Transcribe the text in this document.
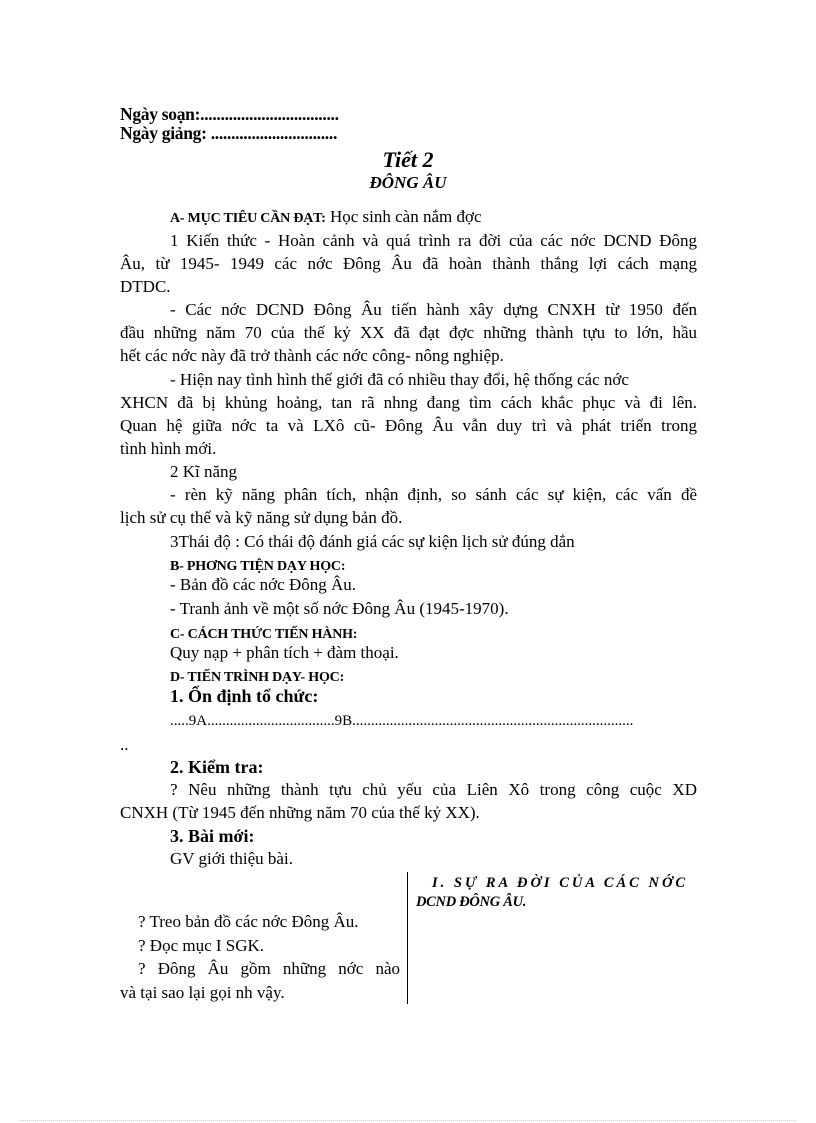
Ngày soạn:..................................
Ngày giảng: ...............................
Tiết 2
ĐÔNG ÂU
A- MỤC TIÊU CẦN ĐẠT: Học sinh càn nắm đợc
1 Kiến thức - Hoàn cảnh và quá trình ra đời của các nớc DCND Đông
Âu, từ 1945- 1949 các nớc Đông Âu đã hoàn thành thắng lợi cách mạng
DTDC.
- Các nớc DCND Đông Âu tiến hành xây dựng CNXH từ 1950 đến
đầu những năm 70 của thế kỷ XX đã đạt đợc những thành tựu to lớn, hầu
hết các nớc này đã trở thành các nớc công- nông nghiệp.
- Hiện nay tình hình thế giới đã có nhiều thay đổi, hệ thống các nớc
XHCN đã bị khủng hoảng, tan rã nhng đang tìm cách khắc phục và đi lên.
Quan hệ giữa nớc ta và LXô cũ- Đông Âu vẫn duy trì và phát triển trong
tình hình mới.
2 Kĩ năng
- rèn kỹ năng phân tích, nhận định, so sánh các sự kiện, các vấn đề
lịch sử cụ thể và kỹ năng sử dụng bản đồ.
3Thái độ : Có thái độ đánh giá các sự kiện lịch sử đúng dắn
B- PHƠNG TIỆN DẠY HỌC:
- Bản đồ các nớc Đông Âu.
- Tranh ảnh về một số nớc Đông Âu (1945-1970).
C- CÁCH THỨC TIẾN HÀNH:
Quy nạp + phân tích + đàm thoại.
D- TIẾN TRÌNH DẠY- HỌC:
1. Ổn định tổ chức:
.....9A..................................9B...........................................................................
..
2. Kiểm tra:
? Nêu những thành tựu chủ yếu của Liên Xô trong công cuộc XD
CNXH (Từ 1945 đến những năm 70 của thế kỷ XX).
3. Bài mới:
GV giới thiệu bài.
I. SỰ RA ĐỜI CỦA CÁC NỚC
DCND ĐÔNG ÂU.
? Treo bản đồ các nớc Đông Âu.
? Đọc mục I SGK.
? Đông Âu gồm những nớc nào
và tại sao lại gọi nh vậy.
